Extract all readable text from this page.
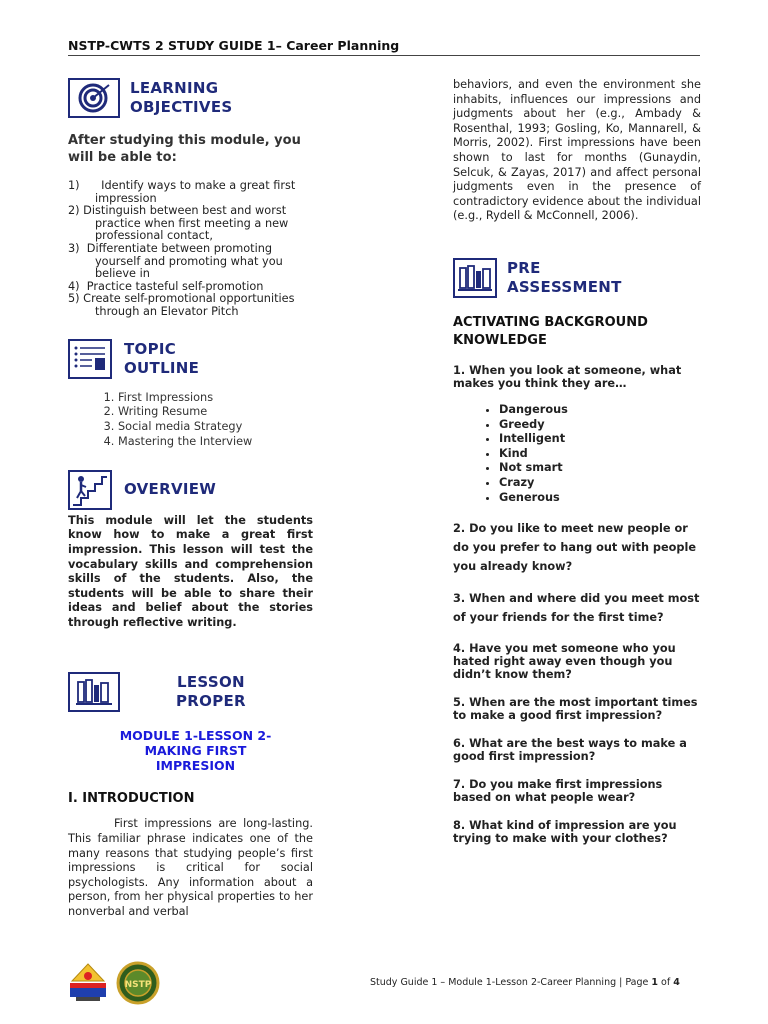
NSTP-CWTS 2 STUDY GUIDE 1– Career Planning
LEARNING
OBJECTIVES
After studying this module, you will be able to:
1)      Identify ways to make a great first impression
2) Distinguish between best and worst practice when first meeting a new professional contact,
3)  Differentiate between promoting yourself and promoting what you believe in
4)  Practice tasteful self-promotion
5) Create self-promotional opportunities through an Elevator Pitch
TOPIC
OUTLINE
1. First Impressions
2. Writing Resume
3. Social media Strategy
4. Mastering the Interview
OVERVIEW
This module will let the students know how to make a great first impression. This lesson will test the vocabulary skills and comprehension skills of the students. Also, the students will be able to share their ideas and belief about the stories through reflective writing.
LESSON
PROPER
MODULE 1-LESSON 2-
MAKING FIRST
IMPRESION
I. INTRODUCTION
First impressions are long-lasting. This familiar phrase indicates one of the many reasons that studying people’s first impressions is critical for social psychologists. Any information about a person, from her physical properties to her nonverbal and verbal
behaviors, and even the environment she inhabits, influences our impressions and judgments about her (e.g., Ambady & Rosenthal, 1993; Gosling, Ko, Mannarell, & Morris, 2002). First impressions have been shown to last for months (Gunaydin, Selcuk, & Zayas, 2017) and affect personal judgments even in the presence of contradictory evidence about the individual (e.g., Rydell & McConnell, 2006).
PRE
ASSESSMENT
ACTIVATING BACKGROUND
KNOWLEDGE
1. When you look at someone, what makes you think they are…
• Dangerous
• Greedy
• Intelligent
• Kind
• Not smart
• Crazy
• Generous
2. Do you like to meet new people or do you prefer to hang out with people you already know?
3. When and where did you meet most of your friends for the first time?
4. Have you met someone who you hated right away even though you didn’t know them?
5. When are the most important times to make a good first impression?
6. What are the best ways to make a good first impression?
7. Do you make first impressions based on what people wear?
8. What kind of impression are you trying to make with your clothes?
NSTP	Study Guide 1 – Module 1-Lesson 2-Career Planning | Page 1 of 4
